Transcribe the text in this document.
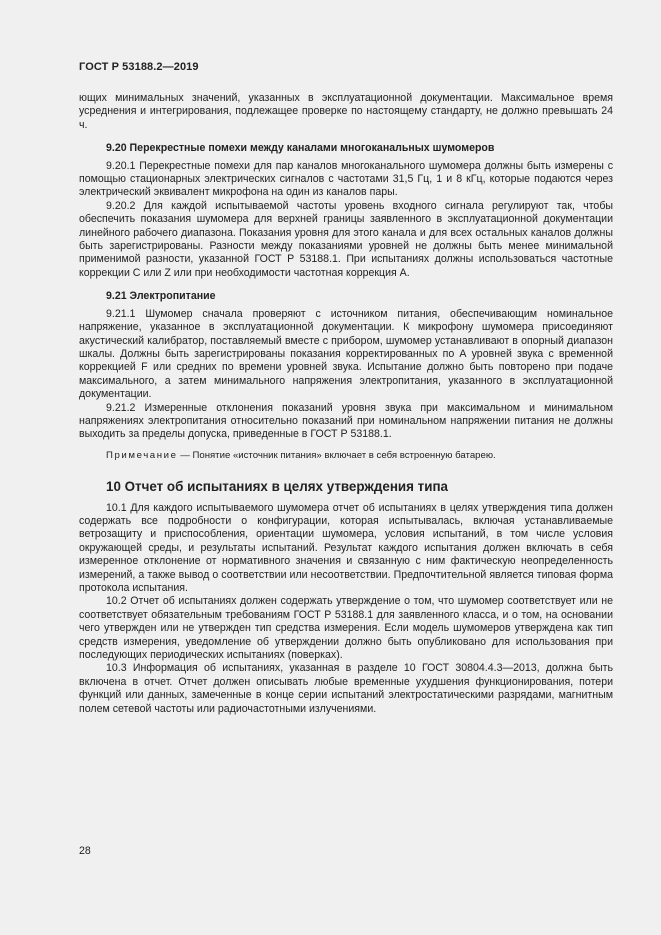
ГОСТ Р 53188.2—2019

ющих минимальных значений, указанных в эксплуатационной документации. Максимальное время усреднения и интегрирования, подлежащее проверке по настоящему стандарту, не должно превышать 24 ч.

9.20 Перекрестные помехи между каналами многоканальных шумомеров

9.20.1 Перекрестные помехи для пар каналов многоканального шумомера должны быть измерены с помощью стационарных электрических сигналов с частотами 31,5 Гц, 1 и 8 кГц, которые подаются через электрический эквивалент микрофона на один из каналов пары.

9.20.2 Для каждой испытываемой частоты уровень входного сигнала регулируют так, чтобы обеспечить показания шумомера для верхней границы заявленного в эксплуатационной документации линейного рабочего диапазона. Показания уровня для этого канала и для всех остальных каналов должны быть зарегистрированы. Разности между показаниями уровней не должны быть менее минимальной применимой разности, указанной ГОСТ Р 53188.1. При испытаниях должны использоваться частотные коррекции С или Z или при необходимости частотная коррекция А.

9.21 Электропитание

9.21.1 Шумомер сначала проверяют с источником питания, обеспечивающим номинальное напряжение, указанное в эксплуатационной документации. К микрофону шумомера присоединяют акустический калибратор, поставляемый вместе с прибором, шумомер устанавливают в опорный диапазон шкалы. Должны быть зарегистрированы показания корректированных по А уровней звука с временной коррекцией F или средних по времени уровней звука. Испытание должно быть повторено при подаче максимального, а затем минимального напряжения электропитания, указанного в эксплуатационной документации.

9.21.2 Измеренные отклонения показаний уровня звука при максимальном и минимальном напряжениях электропитания относительно показаний при номинальном напряжении питания не должны выходить за пределы допуска, приведенные в ГОСТ Р 53188.1.

Примечание — Понятие «источник питания» включает в себя встроенную батарею.

10 Отчет об испытаниях в целях утверждения типа

10.1 Для каждого испытываемого шумомера отчет об испытаниях в целях утверждения типа должен содержать все подробности о конфигурации, которая испытывалась, включая устанавливаемые ветрозащиту и приспособления, ориентации шумомера, условия испытаний, в том числе условия окружающей среды, и результаты испытаний. Результат каждого испытания должен включать в себя измеренное отклонение от нормативного значения и связанную с ним фактическую неопределенность измерений, а также вывод о соответствии или несоответствии. Предпочтительной является типовая форма протокола испытания.

10.2 Отчет об испытаниях должен содержать утверждение о том, что шумомер соответствует или не соответствует обязательным требованиям ГОСТ Р 53188.1 для заявленного класса, и о том, на основании чего утвержден или не утвержден тип средства измерения. Если модель шумомеров утверждена как тип средств измерения, уведомление об утверждении должно быть опубликовано для использования при последующих периодических испытаниях (поверках).

10.3 Информация об испытаниях, указанная в разделе 10 ГОСТ 30804.4.3—2013, должна быть включена в отчет. Отчет должен описывать любые временные ухудшения функционирования, потери функций или данных, замеченные в конце серии испытаний электростатическими разрядами, магнитным полем сетевой частоты или радиочастотными излучениями.

28
